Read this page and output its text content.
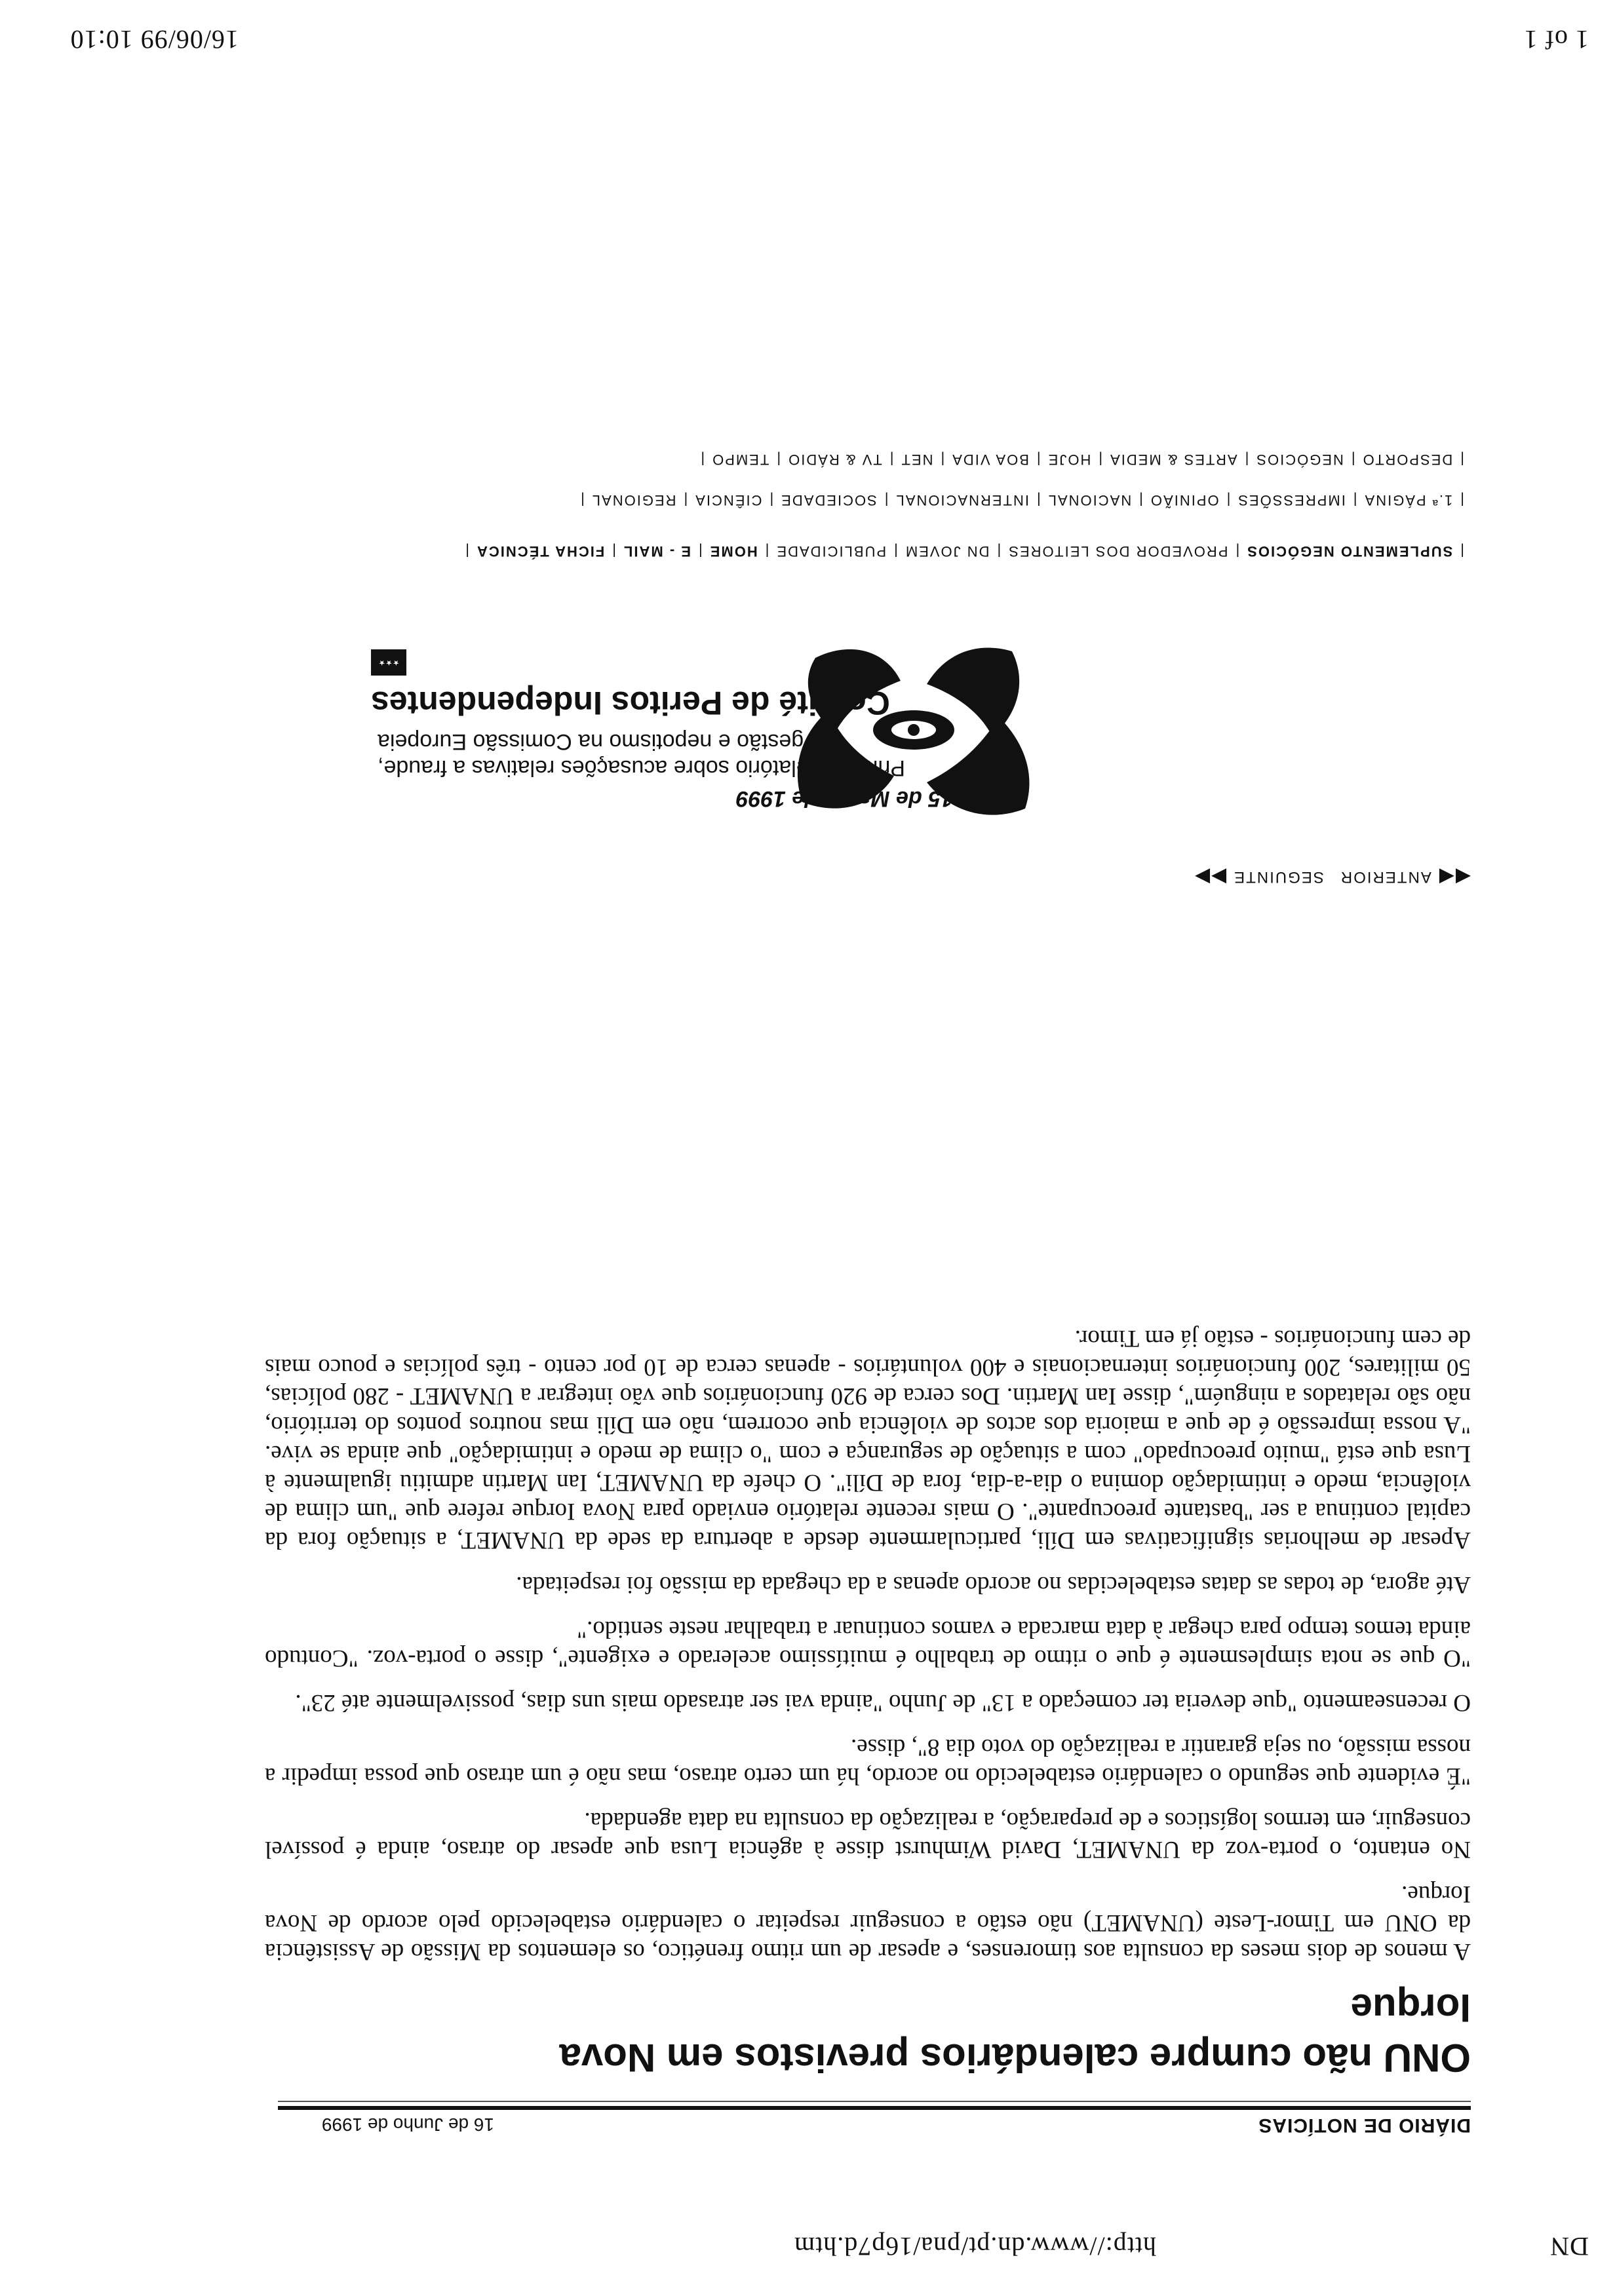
DN
http://www.dn.pt/pna/16p7d.htm
DIÁRIO DE NOTÍCIAS
16 de Junho de 1999
ONU não cumpre calendários previstos em Nova Iorque

A menos de dois meses da consulta aos timorenses, e apesar de um ritmo frenético, os elementos da Missão de Assistência da ONU em Timor-Leste (UNAMET) não estão a conseguir respeitar o calendário estabelecido pelo acordo de Nova Iorque.

No entanto, o porta-voz da UNAMET, David Wimhurst disse à agência Lusa que apesar do atraso, ainda é possível conseguir, em termos logísticos e de preparação, a realização da consulta na data agendada.

"É evidente que segundo o calendário estabelecido no acordo, há um certo atraso, mas não é um atraso que possa impedir a nossa missão, ou seja garantir a realização do voto dia 8", disse.

O recenseamento "que deveria ter começado a 13" de Junho "ainda vai ser atrasado mais uns dias, possivelmente até 23".

"O que se nota simplesmente é que o ritmo de trabalho é muitíssimo acelerado e exigente", disse o porta-voz. "Contudo ainda temos tempo para chegar à data marcada e vamos continuar a trabalhar neste sentido."

Até agora, de todas as datas estabelecidas no acordo apenas a da chegada da missão foi respeitada.

Apesar de melhorias significativas em Díli, particularmente desde a abertura da sede da UNAMET, a situação fora da capital continua a ser "bastante preocupante". O mais recente relatório enviado para Nova Iorque refere que "um clima de violência, medo e intimidação domina o dia-a-dia, fora de Díli". O chefe da UNAMET, Ian Martin admitiu igualmente à Lusa que está "muito preocupado" com a situação de segurança e com "o clima de medo e intimidação" que ainda se vive. "A nossa impressão é de que a maioria dos actos de violência que ocorrem, não em Díli mas noutros pontos do território, não são relatados a ninguém", disse Ian Martin. Dos cerca de 920 funcionários que vão integrar a UNAMET - 280 polícias, 50 militares, 200 funcionários internacionais e 400 voluntários - apenas cerca de 10 por cento - três polícias e pouco mais de cem funcionários - estão já em Timor.

◀◀
ANTERIOR
SEGUINTE
▶▶
15 de Março de 1999
Primeiro relatório sobre acusações relativas a fraude, má gestão e nepotismo na Comissão Europeia
Comité de Peritos Independentes ★★★
|SUPLEMENTO NEGÓCIOS|PROVEDOR DOS LEITORES|DN JOVEM|PUBLICIDADE|HOME|E - MAIL|FICHA TÉCNICA|
|1.ª PÁGINA|IMPRESSÕES|OPINIÃO|NACIONAL|INTERNACIONAL|SOCIEDADE|CIÊNCIA|REGIONAL|
|DESPORTO|NEGÓCIOS|ARTES & MEDIA|HOJE|BOA VIDA|NET|TV & RÁDIO|TEMPO|
1 of 1
16/06/99 10:10
